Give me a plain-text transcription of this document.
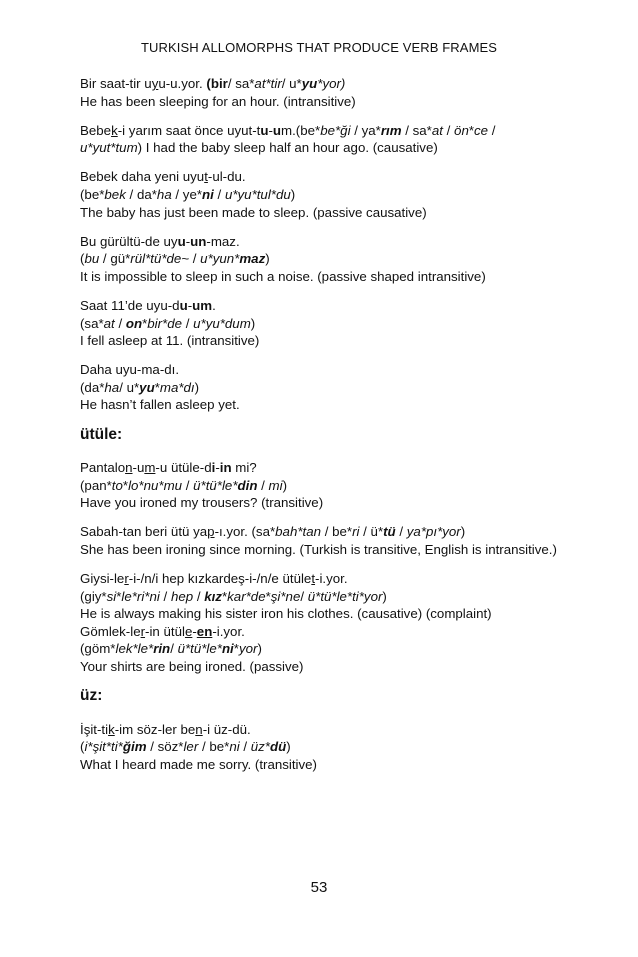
TURKISH ALLOMORPHS THAT PRODUCE VERB FRAMES
Bir saat-tir uyu-u.yor. (bir/ sa*at*tir/ u*yu*yor)
He has been sleeping for an hour. (intransitive)
Bebek-i yarım saat önce uyut-tu-um.(be*be*ği / ya*rım / sa*at / ön*ce /
u*yut*tum) I had the baby sleep half an hour ago. (causative)
Bebek daha yeni uyut-ul-du.
(be*bek / da*ha / ye*ni / u*yu*tul*du)
The baby has just been made to sleep. (passive causative)
Bu gürültü-de uyu-un-maz.
(bu / gü*rül*tü*de~ / u*yun*maz)
It is impossible to sleep in such a noise. (passive shaped intransitive)
Saat 11’de uyu-du-um.
(sa*at / on*bir*de / u*yu*dum)
I fell asleep at 11. (intransitive)
Daha uyu-ma-dı.
(da*ha/ u*yu*ma*dı)
He hasn’t fallen asleep yet.
ütüle:
Pantalon-um-u ütüle-di-in mi?
(pan*to*lo*nu*mu / ü*tü*le*din / mi)
Have you ironed my trousers? (transitive)
Sabah-tan beri ütü yap-ı.yor. (sa*bah*tan / be*ri / ü*tü / ya*pı*yor)
She has been ironing since morning. (Turkish is transitive, English is intransitive.)
Giysi-ler-i-/n/i hep kızkardeş-i-/n/e ütület-i.yor.
(giy*si*le*ri*ni / hep / kız*kar*de*şi*ne/ ü*tü*le*ti*yor)
He is always making his sister iron his clothes. (causative) (complaint)
Gömlek-ler-in ütüle-en-i.yor.
(göm*lek*le*rin/ ü*tü*le*ni*yor)
Your shirts are being ironed. (passive)
üz:
İşit-tik-im söz-ler ben-i üz-dü.
(i*şit*ti*ğim / söz*ler / be*ni / üz*dü)
What I heard made me sorry. (transitive)
53
